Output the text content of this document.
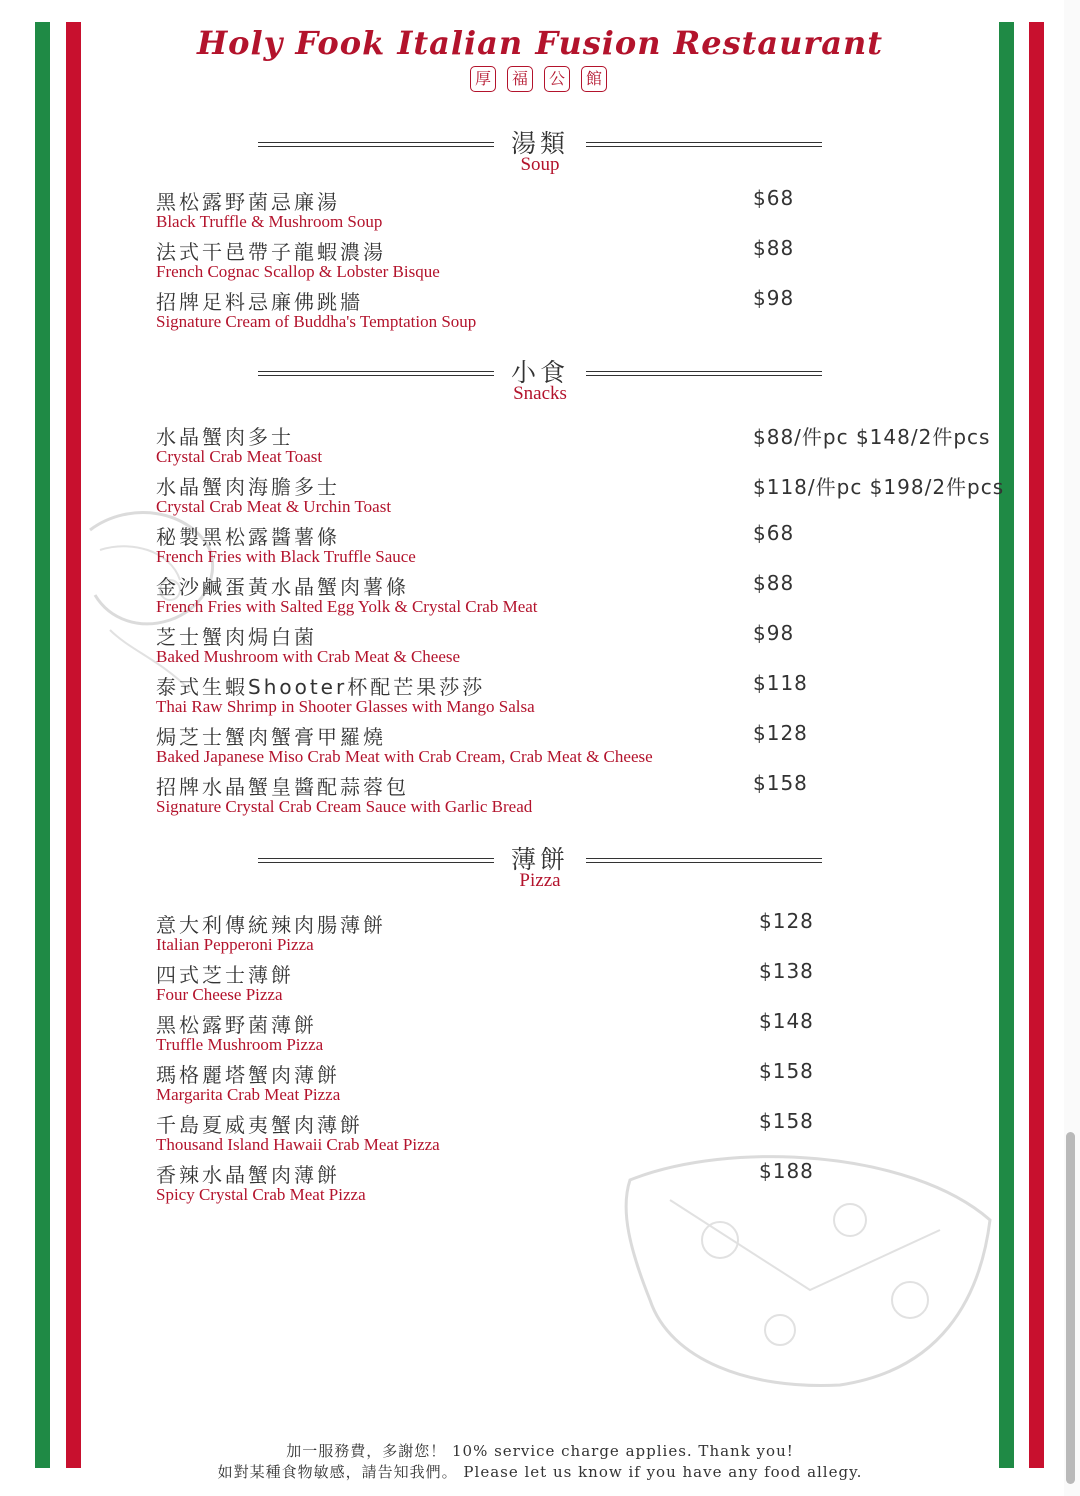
Holy Fook Italian Fusion Restaurant
厚	福	公	館
湯類
Soup
黑松露野菌忌廉湯
Black Truffle & Mushroom Soup
$68
法式干邑帶子龍蝦濃湯
French Cognac Scallop & Lobster Bisque
$88
招牌足料忌廉佛跳牆
Signature Cream of Buddha's Temptation Soup
$98
小食
Snacks
水晶蟹肉多士
Crystal Crab Meat Toast
$88/件pc $148/2件pcs
水晶蟹肉海膽多士
Crystal Crab Meat & Urchin Toast
$118/件pc $198/2件pcs
秘製黑松露醬薯條
French Fries with Black Truffle Sauce
$68
金沙鹹蛋黃水晶蟹肉薯條
French Fries with Salted Egg Yolk & Crystal Crab Meat
$88
芝士蟹肉焗白菌
Baked Mushroom with Crab Meat & Cheese
$98
泰式生蝦Shooter杯配芒果莎莎
Thai Raw Shrimp in Shooter Glasses with Mango Salsa
$118
焗芝士蟹肉蟹膏甲羅燒
Baked Japanese Miso Crab Meat with Crab Cream, Crab Meat & Cheese
$128
招牌水晶蟹皇醬配蒜蓉包
Signature Crystal Crab Cream Sauce with Garlic Bread
$158
薄餅
Pizza
意大利傳統辣肉腸薄餅
Italian Pepperoni Pizza
$128
四式芝士薄餅
Four Cheese Pizza
$138
黑松露野菌薄餅
Truffle Mushroom Pizza
$148
瑪格麗塔蟹肉薄餅
Margarita Crab Meat Pizza
$158
千島夏威夷蟹肉薄餅
Thousand Island Hawaii Crab Meat Pizza
$158
香辣水晶蟹肉薄餅
Spicy Crystal Crab Meat Pizza
$188
加一服務費，多謝您！ 10% service charge applies. Thank you!
如對某種食物敏感，請告知我們。 Please let us know if you have any food allegy.
